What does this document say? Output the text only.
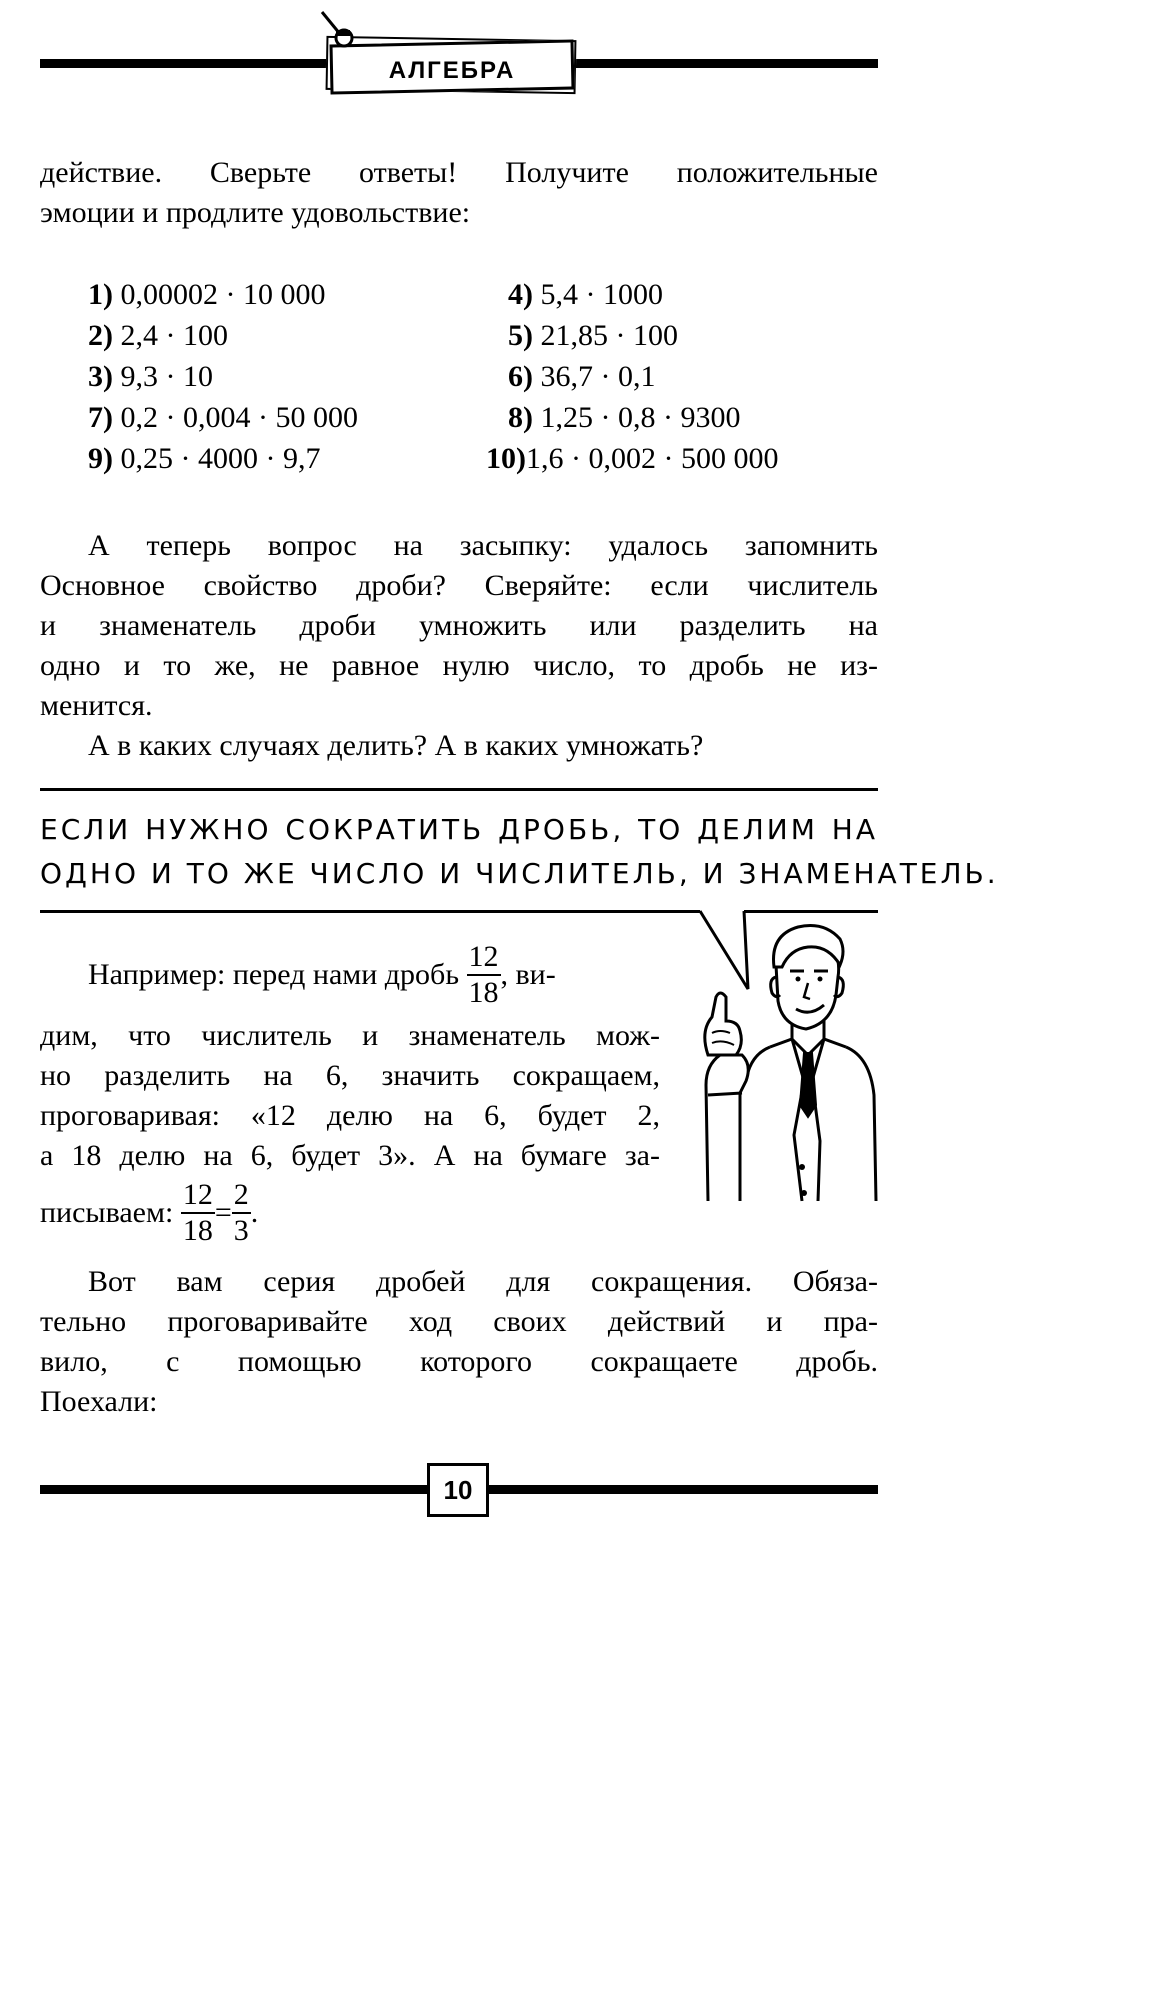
АЛГЕБРА
действие. Сверьте ответы! Получите положительные
эмоции и продлите удовольствие:
1) 0,00002 · 10 000	4) 5,4 · 1000
2) 2,4 · 100	5) 21,85 · 100
3) 9,3 · 10	6) 36,7 · 0,1
7) 0,2 · 0,004 · 50 000	8) 1,25 · 0,8 · 9300
9) 0,25 · 4000 · 9,7	10)1,6 · 0,002 · 500 000
А теперь вопрос на засыпку: удалось запомнить
Основное свойство дроби? Сверяйте: если числитель
и знаменатель дроби умножить или разделить на
одно и то же, не равное нулю число, то дробь не из-
менится.
А в каких случаях делить? А в каких умножать?
ЕСЛИ НУЖНО СОКРАТИТЬ ДРОБЬ, ТО ДЕЛИМ НА
ОДНО И ТО ЖЕ ЧИСЛО И ЧИСЛИТЕЛЬ, И ЗНАМЕНАТЕЛЬ.
Например: перед нами дробь $\frac{12}{18}$ , ви-
дим, что числитель и знаменатель мож-
но разделить на 6, значить сокращаем,
проговаривая: «12 делю на 6, будет 2,
а 18 делю на 6, будет 3». А на бумаге за-
писываем: $\frac{12}{18} = \frac{2}{3}$ .
Вот вам серия дробей для сокращения. Обяза-
тельно проговаривайте ход своих действий и пра-
вило, с помощью которого сокращаете дробь.
Поехали:
10
